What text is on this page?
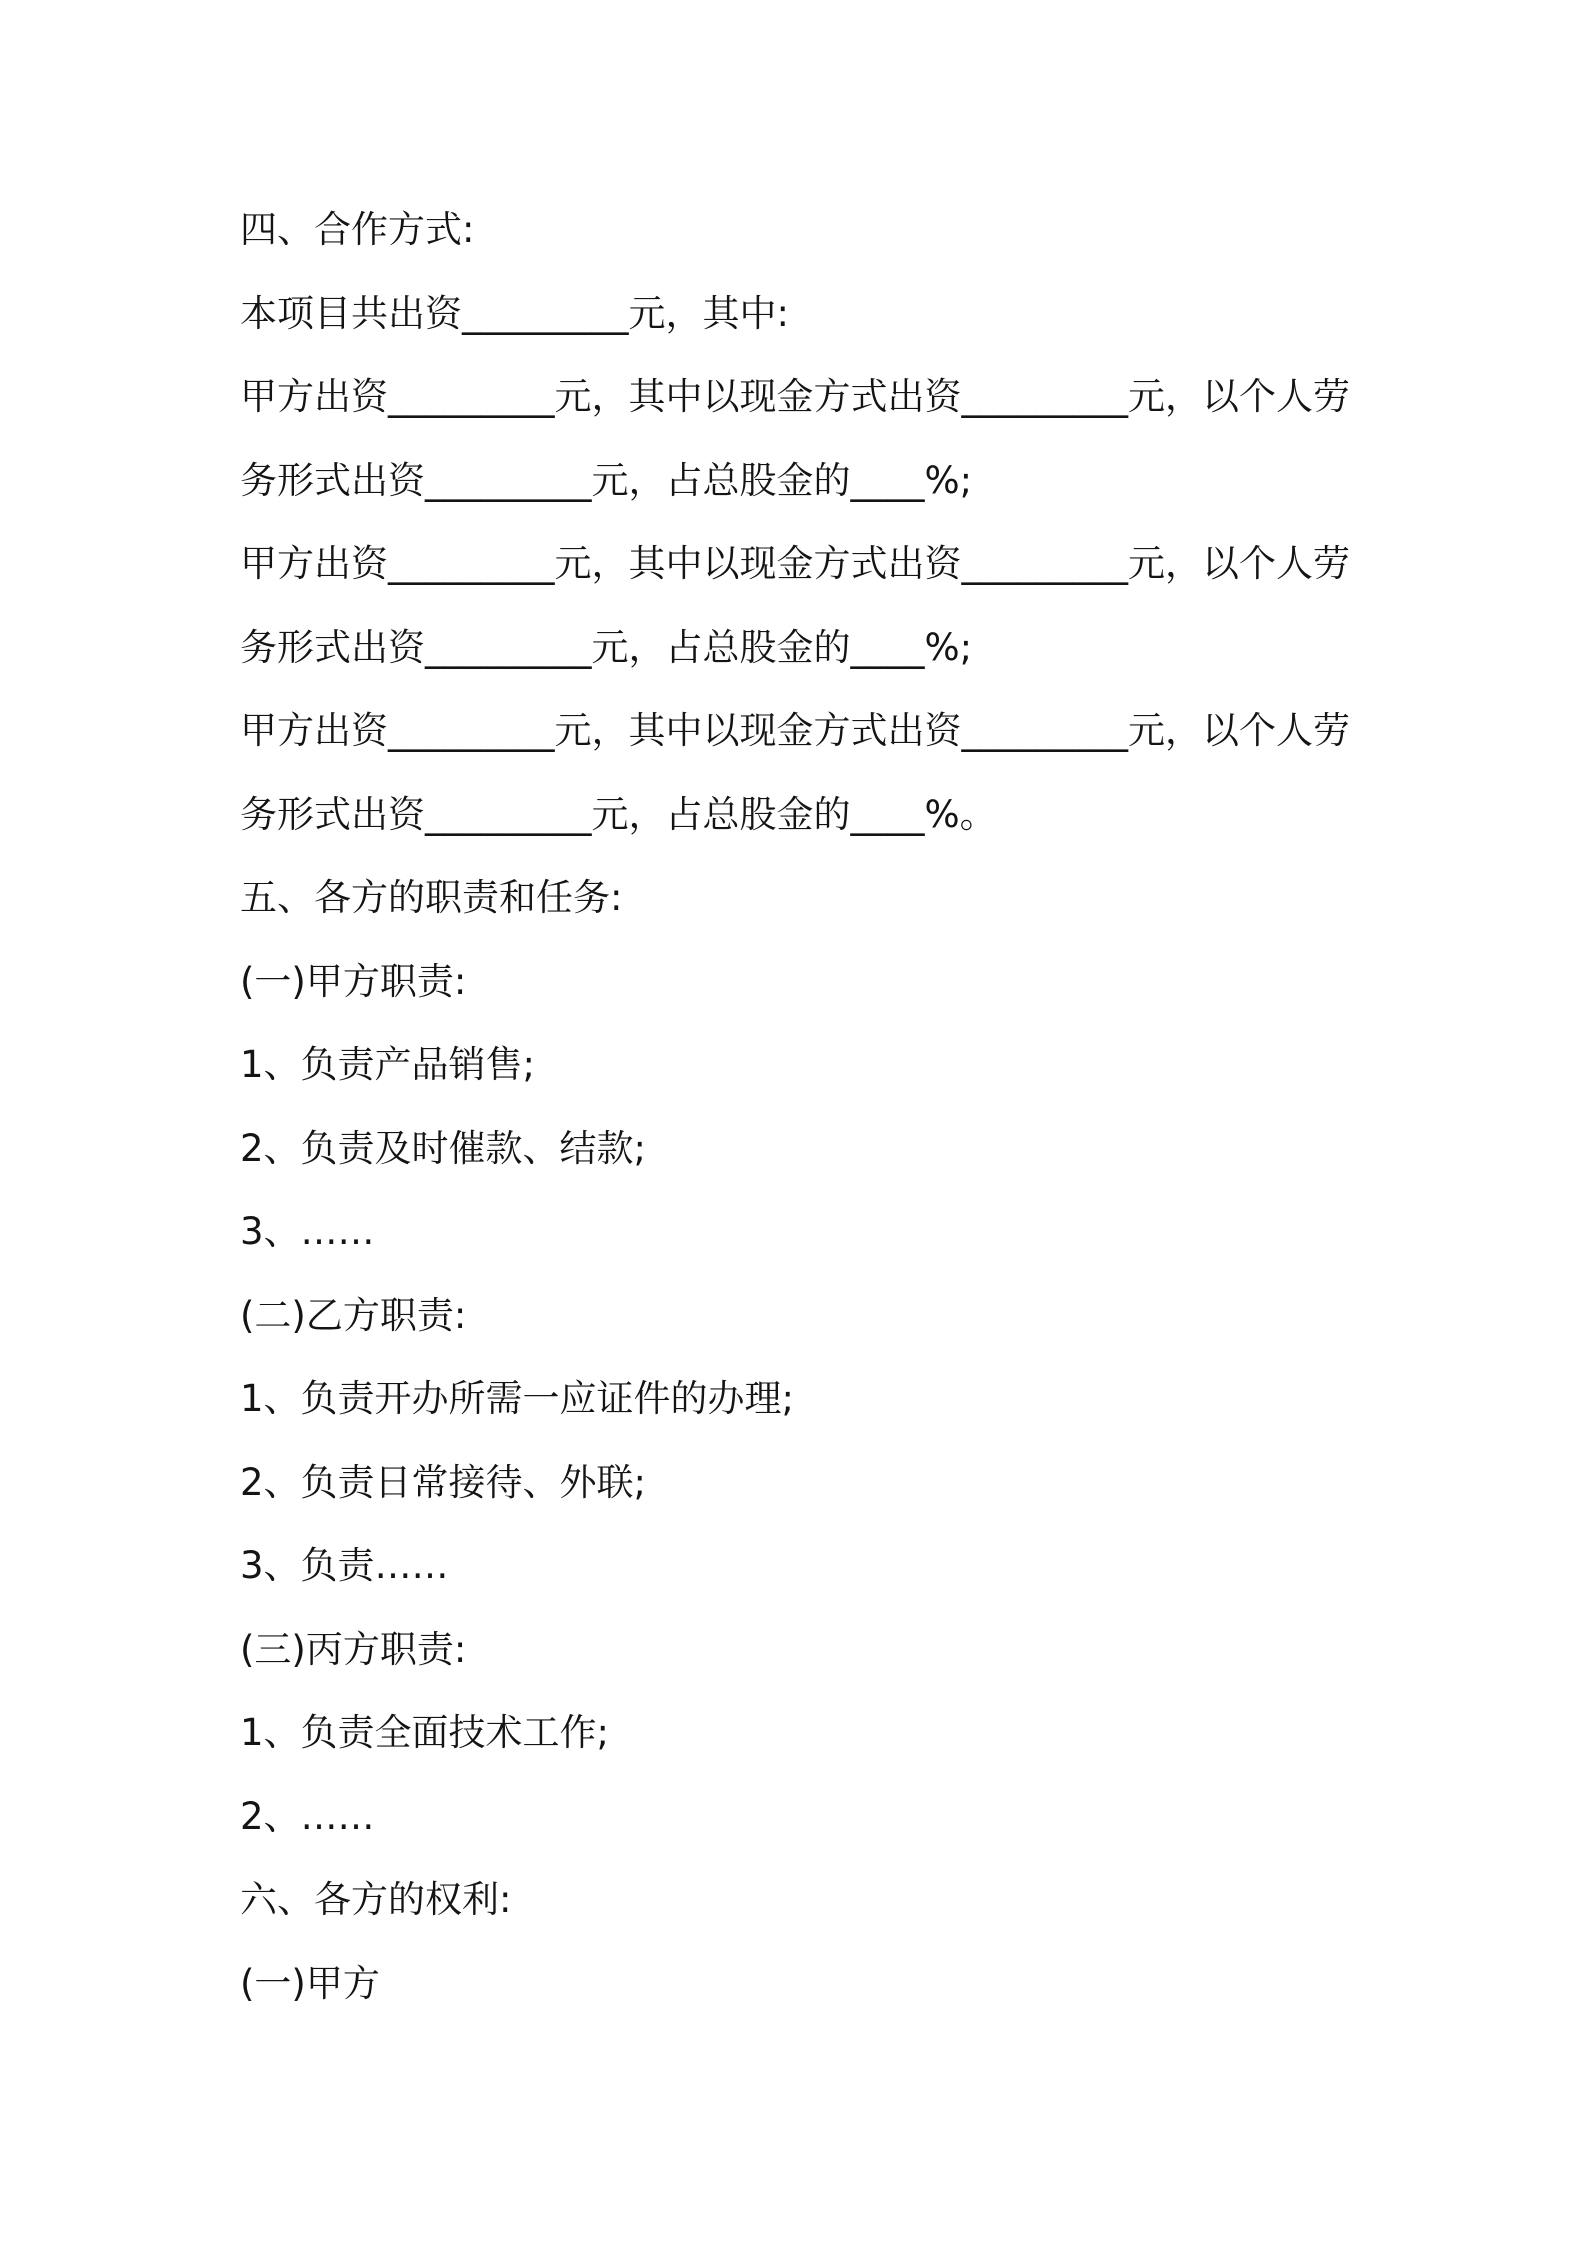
四、合作方式:

本项目共出资_________元，其中:

甲方出资_________元，其中以现金方式出资_________元，以个人劳

务形式出资_________元，占总股金的____%;

甲方出资_________元，其中以现金方式出资_________元，以个人劳

务形式出资_________元，占总股金的____%;

甲方出资_________元，其中以现金方式出资_________元，以个人劳

务形式出资_________元，占总股金的____%。

五、各方的职责和任务:

(一)甲方职责:

1、负责产品销售;

2、负责及时催款、结款;

3、……

(二)乙方职责:

1、负责开办所需一应证件的办理;

2、负责日常接待、外联;

3、负责……

(三)丙方职责:

1、负责全面技术工作;

2、……

六、各方的权利:

(一)甲方
